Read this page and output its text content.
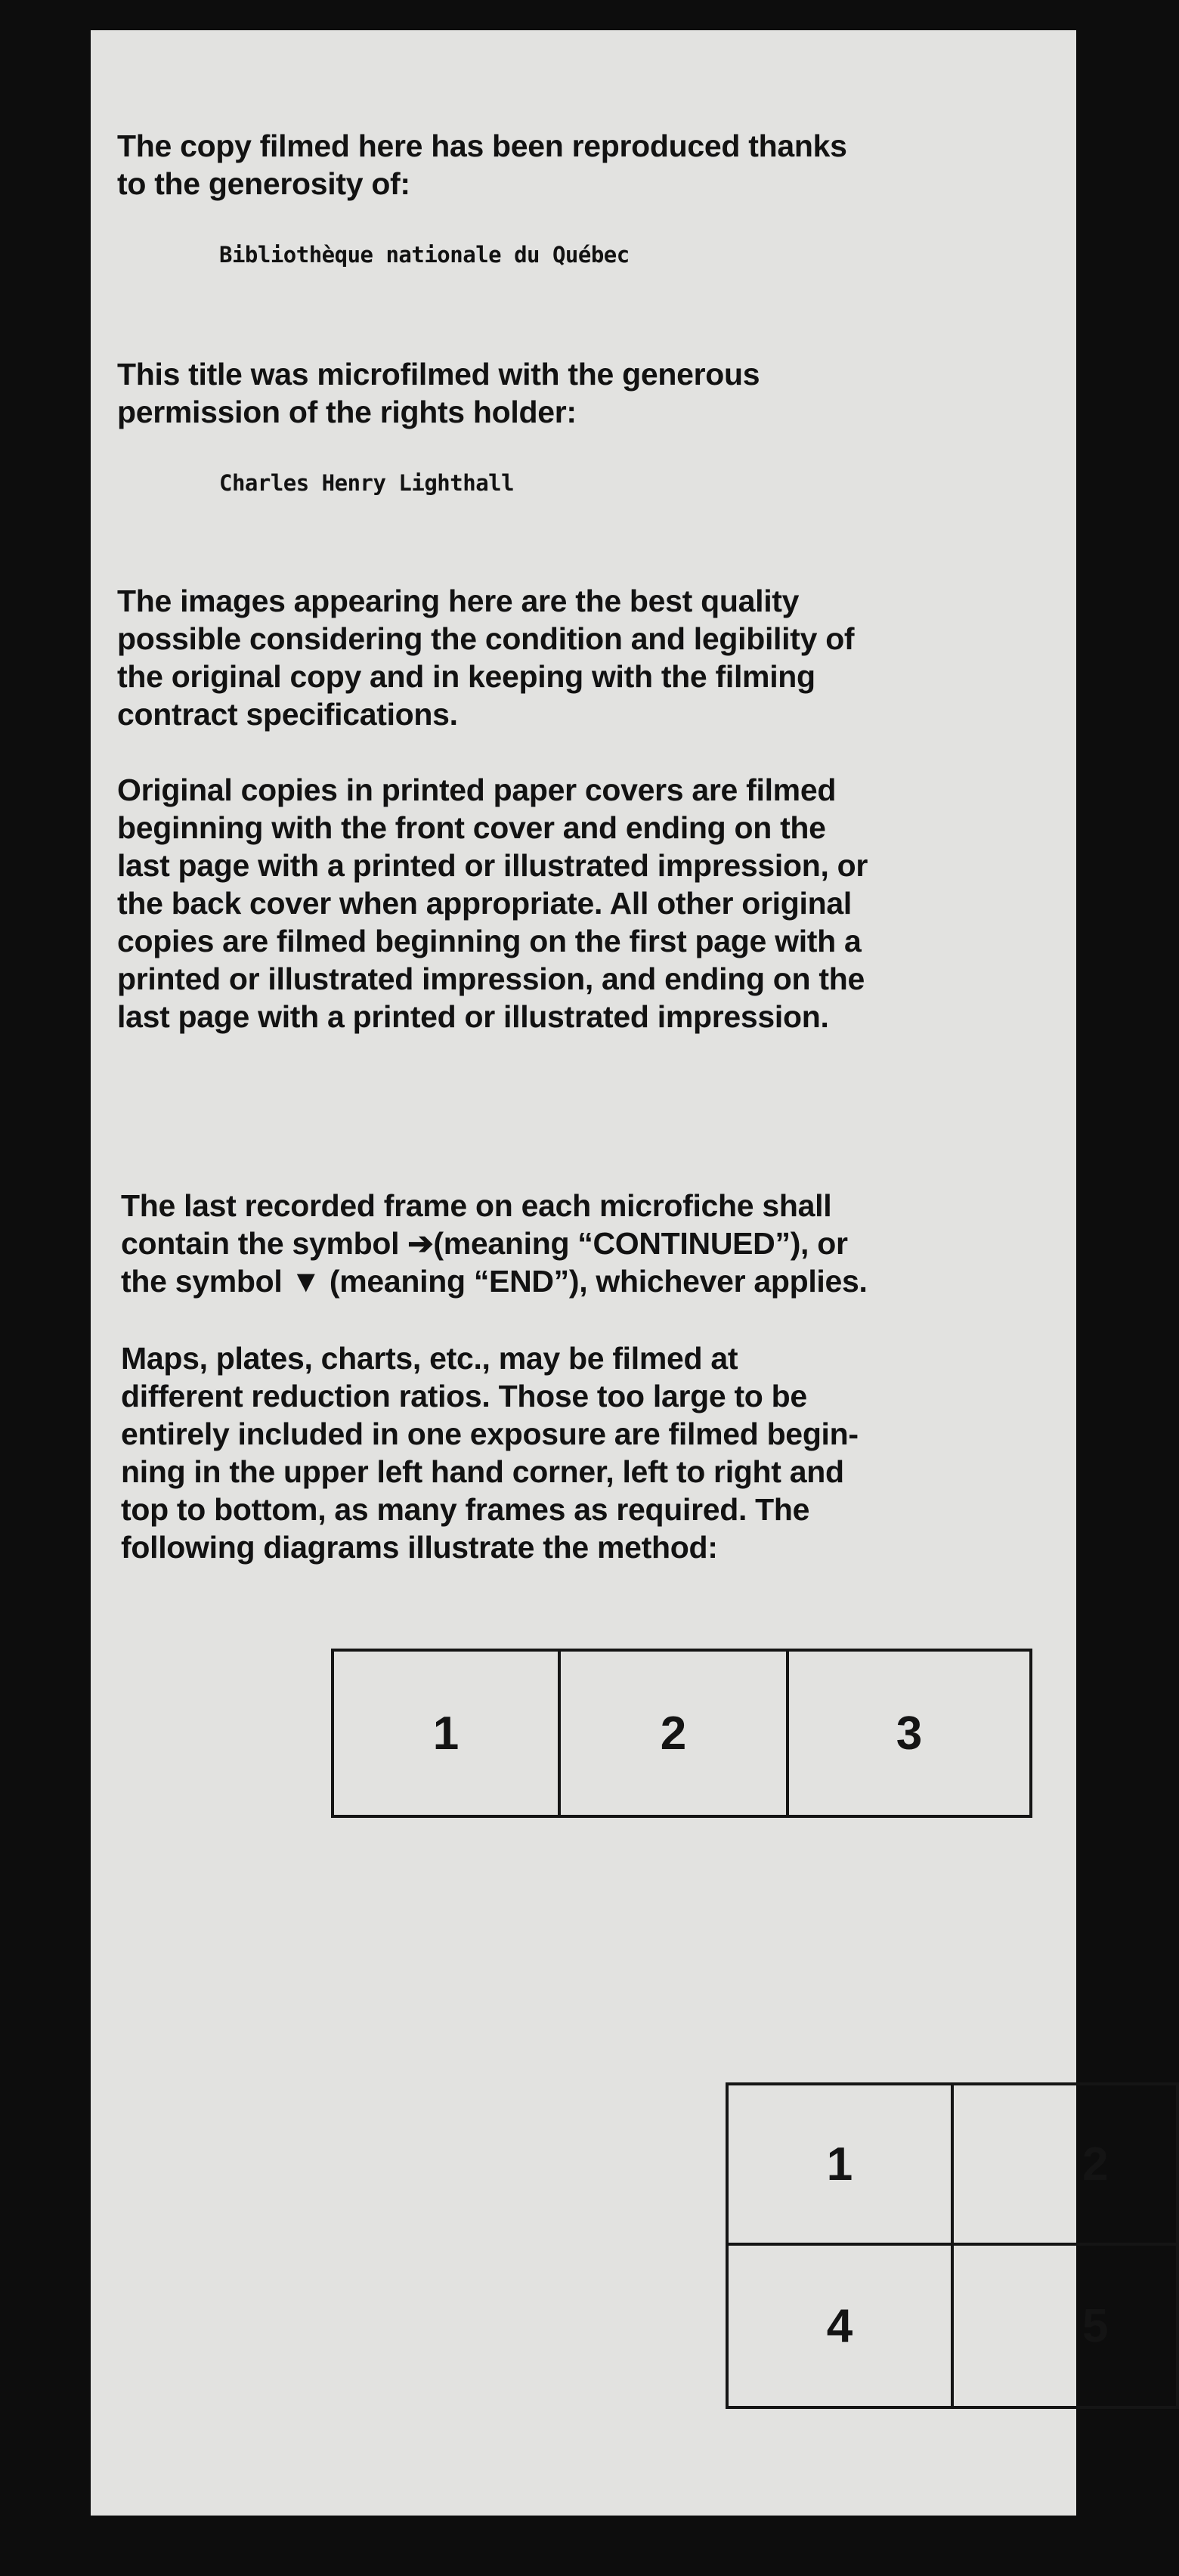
The copy filmed here has been reproduced thanks
to the generosity of:
Bibliothèque nationale du Québec
This title was microfilmed with the generous
permission of the rights holder:
Charles Henry Lighthall
The images appearing here are the best quality
possible considering the condition and legibility of
the original copy and in keeping with the filming
contract specifications.
Original copies in printed paper covers are filmed
beginning with the front cover and ending on the
last page with a printed or illustrated impression, or
the back cover when appropriate. All other original
copies are filmed beginning on the first page with a
printed or illustrated impression, and ending on the
last page with a printed or illustrated impression.
The last recorded frame on each microfiche shall
contain the symbol ➔(meaning “CONTINUED”), or
the symbol ▼ (meaning “END”), whichever applies.
Maps, plates, charts, etc., may be filmed at
different reduction ratios. Those too large to be
entirely included in one exposure are filmed begin-
ning in the upper left hand corner, left to right and
top to bottom, as many frames as required. The
following diagrams illustrate the method:
1	2	3
1	2
4	5
